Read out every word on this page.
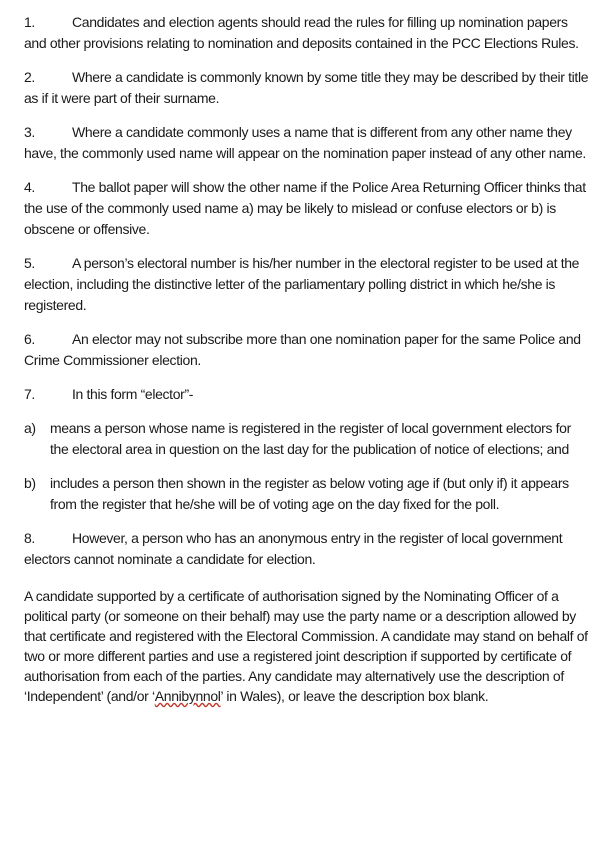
1.	Candidates and election agents should read the rules for filling up nomination papers and other provisions relating to nomination and deposits contained in the PCC Elections Rules.

2.	Where a candidate is commonly known by some title they may be described by their title as if it were part of their surname.

3.	Where a candidate commonly uses a name that is different from any other name they have, the commonly used name will appear on the nomination paper instead of any other name.

4.	The ballot paper will show the other name if the Police Area Returning Officer thinks that the use of the commonly used name a) may be likely to mislead or confuse electors or b) is obscene or offensive.

5.	A person’s electoral number is his/her number in the electoral register to be used at the election, including the distinctive letter of the parliamentary polling district in which he/she is registered.

6.	An elector may not subscribe more than one nomination paper for the same Police and Crime Commissioner election.

7.	In this form “elector”-

a)	means a person whose name is registered in the register of local government electors for the electoral area in question on the last day for the publication of notice of elections; and
b)	includes a person then shown in the register as below voting age if (but only if) it appears from the register that he/she will be of voting age on the day fixed for the poll.

8.	However, a person who has an anonymous entry in the register of local government electors cannot nominate a candidate for election.

A candidate supported by a certificate of authorisation signed by the Nominating Officer of a political party (or someone on their behalf) may use the party name or a description allowed by that certificate and registered with the Electoral Commission. A candidate may stand on behalf of two or more different parties and use a registered joint description if supported by certificate of authorisation from each of the parties. Any candidate may alternatively use the description of ‘Independent’ (and/or ‘Annibynnol’ in Wales), or leave the description box blank.
